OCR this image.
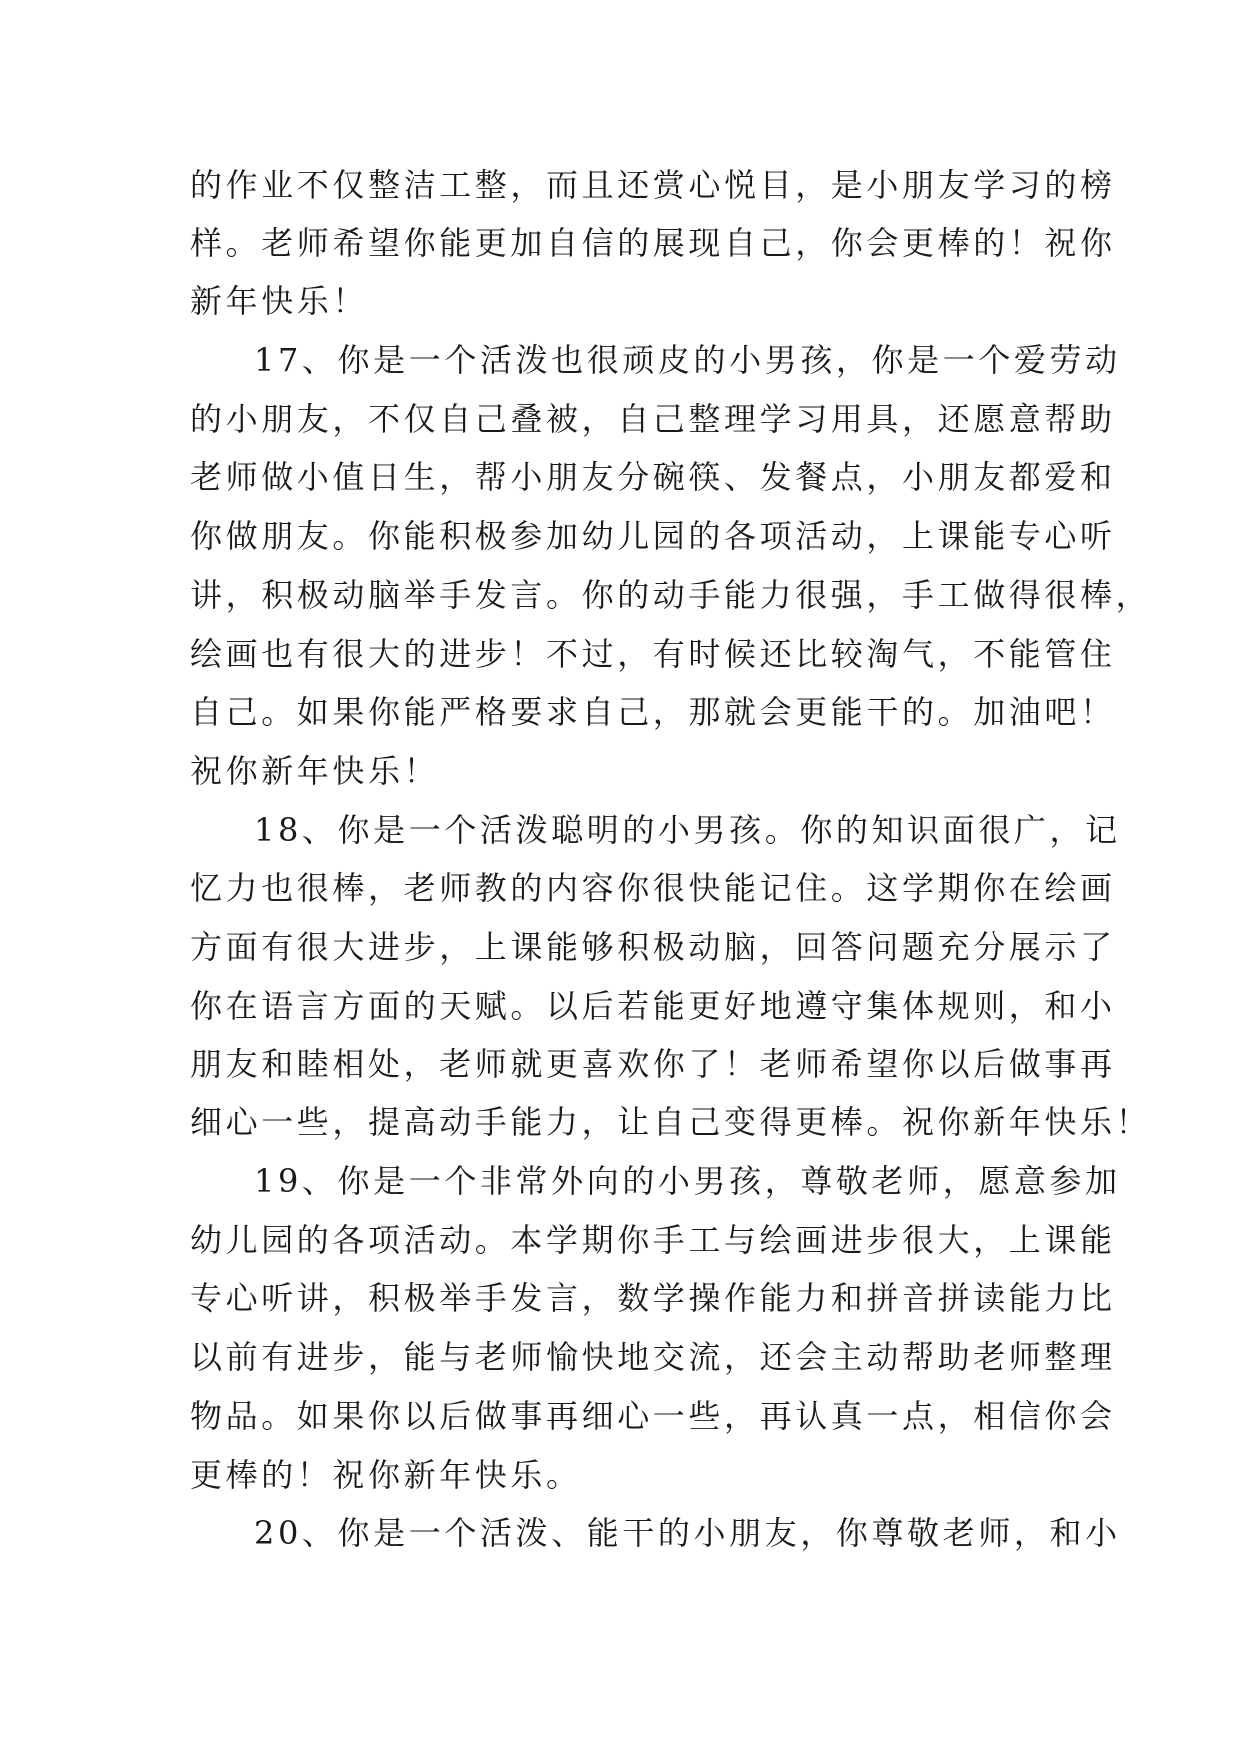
的作业不仅整洁工整，而且还赏心悦目，是小朋友学习的榜
样。老师希望你能更加自信的展现自己，你会更棒的！祝你
新年快乐！
17、你是一个活泼也很顽皮的小男孩，你是一个爱劳动
的小朋友，不仅自己叠被，自己整理学习用具，还愿意帮助
老师做小值日生，帮小朋友分碗筷、发餐点，小朋友都爱和
你做朋友。你能积极参加幼儿园的各项活动，上课能专心听
讲，积极动脑举手发言。你的动手能力很强，手工做得很棒，
绘画也有很大的进步！不过，有时候还比较淘气，不能管住
自己。如果你能严格要求自己，那就会更能干的。加油吧！
祝你新年快乐！
18、你是一个活泼聪明的小男孩。你的知识面很广，记
忆力也很棒，老师教的内容你很快能记住。这学期你在绘画
方面有很大进步，上课能够积极动脑，回答问题充分展示了
你在语言方面的天赋。以后若能更好地遵守集体规则，和小
朋友和睦相处，老师就更喜欢你了！老师希望你以后做事再
细心一些，提高动手能力，让自己变得更棒。祝你新年快乐！
19、你是一个非常外向的小男孩，尊敬老师，愿意参加
幼儿园的各项活动。本学期你手工与绘画进步很大，上课能
专心听讲，积极举手发言，数学操作能力和拼音拼读能力比
以前有进步，能与老师愉快地交流，还会主动帮助老师整理
物品。如果你以后做事再细心一些，再认真一点，相信你会
更棒的！祝你新年快乐。
20、你是一个活泼、能干的小朋友，你尊敬老师，和小
